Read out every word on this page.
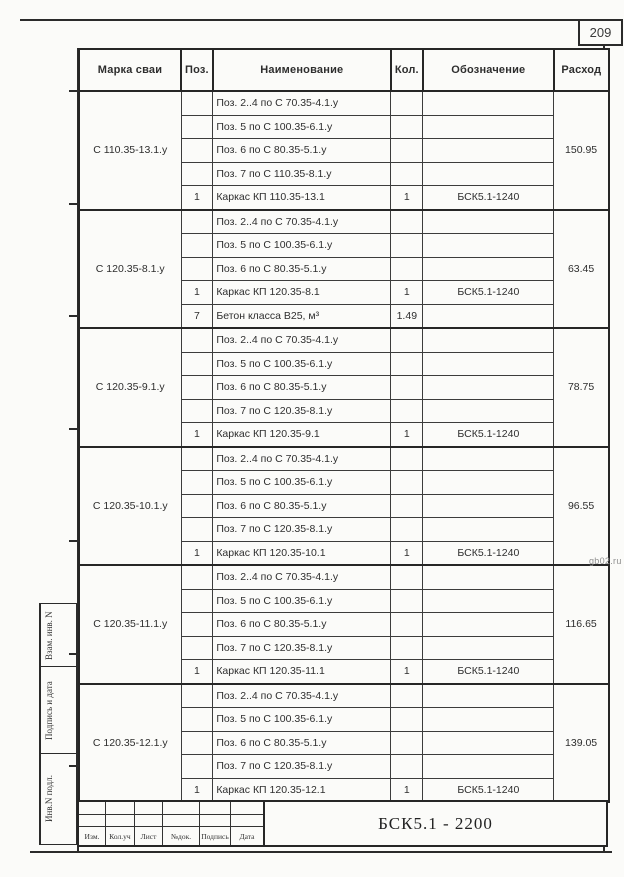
209
Марка сваи	Поз.	Наименование	Кол.	Обозначение	Расход
С 110.35-13.1.у		Поз. 2..4 по С 70.35-4.1.у			150.95
		Поз. 5 по С 100.35-6.1.у			
		Поз. 6 по С 80.35-5.1.у			
		Поз. 7 по С 110.35-8.1.у			
	1	Каркас КП 110.35-13.1	1	БСК5.1-1240	
С 120.35-8.1.у		Поз. 2..4 по С 70.35-4.1.у			63.45
		Поз. 5 по С 100.35-6.1.у			
		Поз. 6 по С 80.35-5.1.у			
	1	Каркас КП 120.35-8.1	1	БСК5.1-1240	
	7	Бетон класса В25, м³	1.49		
С 120.35-9.1.у		Поз. 2..4 по С 70.35-4.1.у			78.75
		Поз. 5 по С 100.35-6.1.у			
		Поз. 6 по С 80.35-5.1.у			
		Поз. 7 по С 120.35-8.1.у			
	1	Каркас КП 120.35-9.1	1	БСК5.1-1240	
С 120.35-10.1.у		Поз. 2..4 по С 70.35-4.1.у			96.55
		Поз. 5 по С 100.35-6.1.у			
		Поз. 6 по С 80.35-5.1.у			
		Поз. 7 по С 120.35-8.1.у			
	1	Каркас КП 120.35-10.1	1	БСК5.1-1240	
С 120.35-11.1.у		Поз. 2..4 по С 70.35-4.1.у			116.65
		Поз. 5 по С 100.35-6.1.у			
		Поз. 6 по С 80.35-5.1.у			
		Поз. 7 по С 120.35-8.1.у			
	1	Каркас КП 120.35-11.1	1	БСК5.1-1240	
С 120.35-12.1.у		Поз. 2..4 по С 70.35-4.1.у			139.05
		Поз. 5 по С 100.35-6.1.у			
		Поз. 6 по С 80.35-5.1.у			
		Поз. 7 по С 120.35-8.1.у			
	1	Каркас КП 120.35-12.1	1	БСК5.1-1240	
Взам. инв. N
Подпись и дата
Инв.N подл.
Изм.	Кол.уч	Лист	№док.	Подпись	Дата
БСК5.1 - 2200
gb02.ru
